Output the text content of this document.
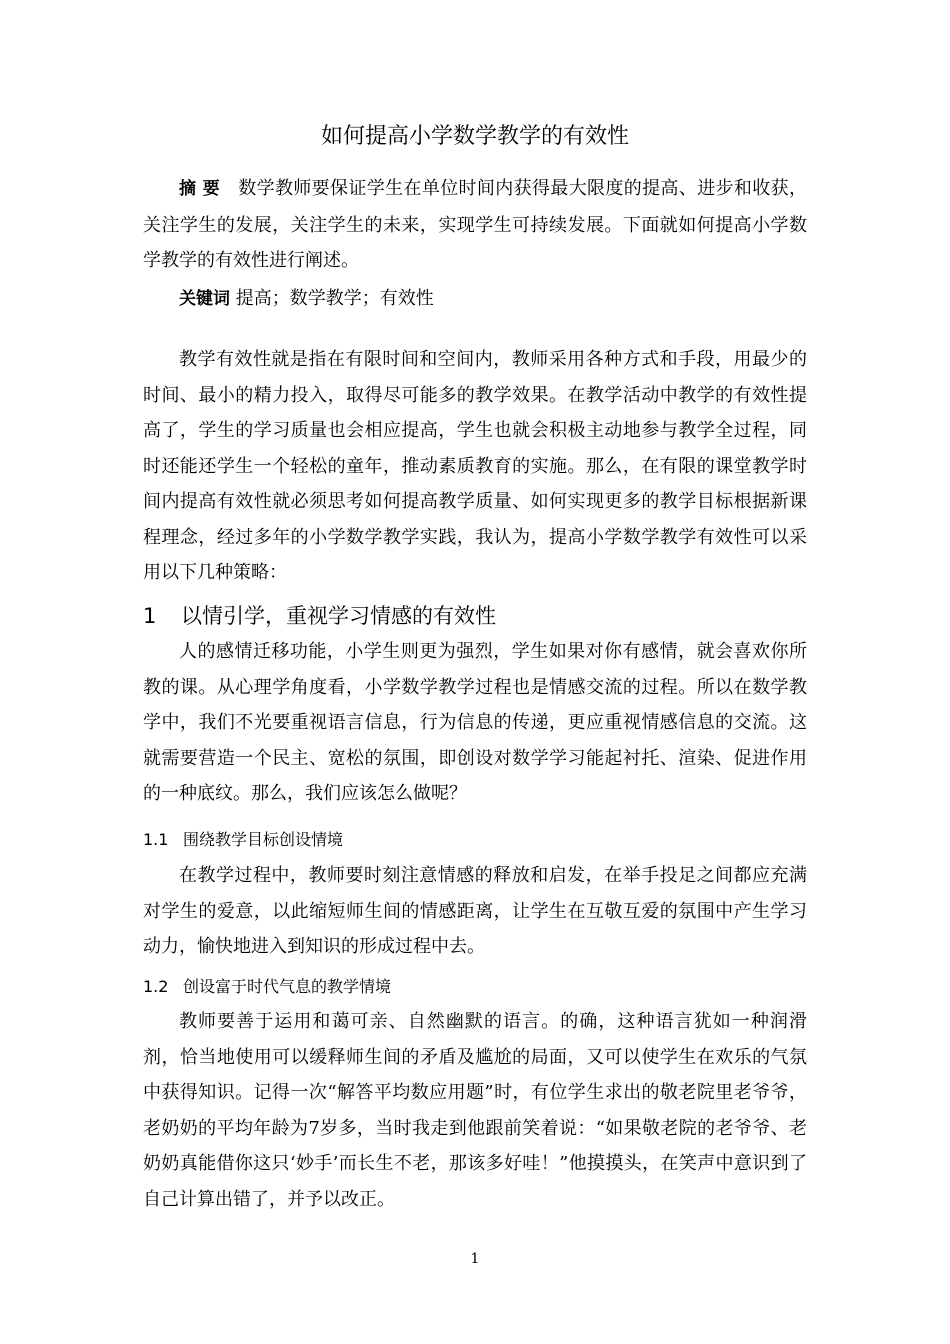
如何提高小学数学教学的有效性
摘 要 数学教师要保证学生在单位时间内获得最大限度的提高、进步和收获，关注学生的发展，关注学生的未来，实现学生可持续发展。下面就如何提高小学数学教学的有效性进行阐述。
关键词 提高；数学教学；有效性
教学有效性就是指在有限时间和空间内，教师采用各种方式和手段，用最少的时间、最小的精力投入，取得尽可能多的教学效果。在教学活动中教学的有效性提高了，学生的学习质量也会相应提高，学生也就会积极主动地参与教学全过程，同时还能还学生一个轻松的童年，推动素质教育的实施。那么，在有限的课堂教学时间内提高有效性就必须思考如何提高教学质量、如何实现更多的教学目标根据新课程理念，经过多年的小学数学教学实践，我认为，提高小学数学教学有效性可以采用以下几种策略：
1 以情引学，重视学习情感的有效性
人的感情迁移功能，小学生则更为强烈，学生如果对你有感情，就会喜欢你所教的课。从心理学角度看，小学数学教学过程也是情感交流的过程。所以在数学教学中，我们不光要重视语言信息，行为信息的传递，更应重视情感信息的交流。这就需要营造一个民主、宽松的氛围，即创设对数学学习能起衬托、渲染、促进作用的一种底纹。那么，我们应该怎么做呢？
1.1 围绕教学目标创设情境
在教学过程中，教师要时刻注意情感的释放和启发，在举手投足之间都应充满对学生的爱意，以此缩短师生间的情感距离，让学生在互敬互爱的氛围中产生学习动力，愉快地进入到知识的形成过程中去。
1.2 创设富于时代气息的教学情境
教师要善于运用和蔼可亲、自然幽默的语言。的确，这种语言犹如一种润滑剂，恰当地使用可以缓释师生间的矛盾及尴尬的局面，又可以使学生在欢乐的气氛中获得知识。记得一次“解答平均数应用题”时，有位学生求出的敬老院里老爷爷，老奶奶的平均年龄为7岁多，当时我走到他跟前笑着说：“如果敬老院的老爷爷、老奶奶真能借你这只‘妙手’而长生不老，那该多好哇！”他摸摸头，在笑声中意识到了自己计算出错了，并予以改正。
1
